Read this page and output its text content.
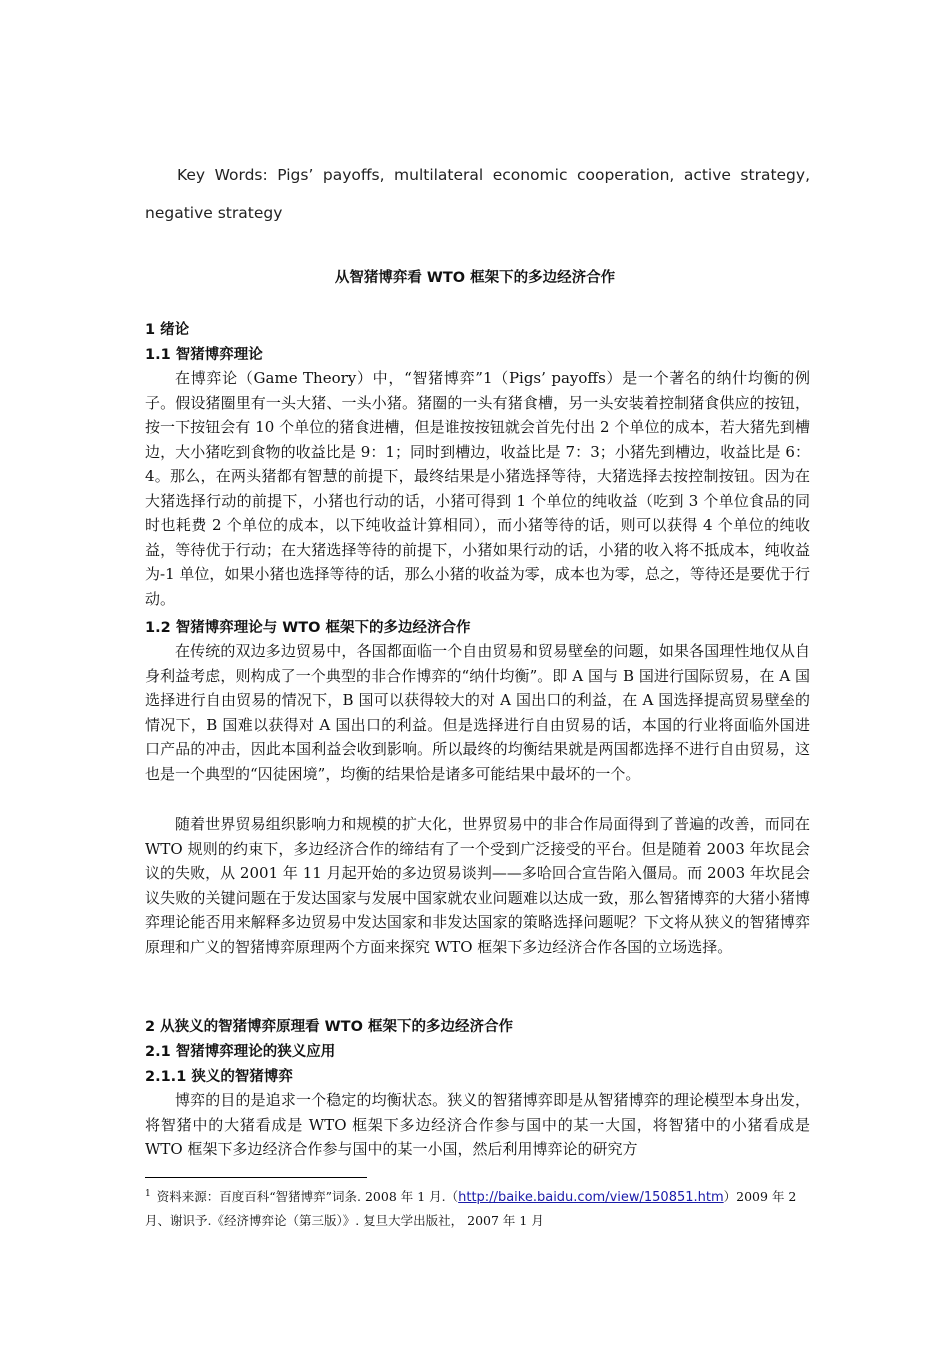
Key Words: Pigs’ payoffs, multilateral economic cooperation, active strategy, negative strategy
从智猪博弈看 WTO 框架下的多边经济合作
1 绪论
1.1 智猪博弈理论
在博弈论（Game Theory）中，“智猪博弈”1（Pigs’ payoffs）是一个著名的纳什均衡的例子。假设猪圈里有一头大猪、一头小猪。猪圈的一头有猪食槽，另一头安装着控制猪食供应的按钮，按一下按钮会有 10 个单位的猪食进槽，但是谁按按钮就会首先付出 2 个单位的成本，若大猪先到槽边，大小猪吃到食物的收益比是 9：1；同时到槽边，收益比是 7：3；小猪先到槽边，收益比是 6：4。那么，在两头猪都有智慧的前提下，最终结果是小猪选择等待，大猪选择去按控制按钮。因为在大猪选择行动的前提下，小猪也行动的话，小猪可得到 1 个单位的纯收益（吃到 3 个单位食品的同时也耗费 2 个单位的成本，以下纯收益计算相同），而小猪等待的话，则可以获得 4 个单位的纯收益，等待优于行动；在大猪选择等待的前提下，小猪如果行动的话，小猪的收入将不抵成本，纯收益为-1 单位，如果小猪也选择等待的话，那么小猪的收益为零，成本也为零，总之，等待还是要优于行动。
1.2 智猪博弈理论与 WTO 框架下的多边经济合作
在传统的双边多边贸易中，各国都面临一个自由贸易和贸易壁垒的问题，如果各国理性地仅从自身利益考虑，则构成了一个典型的非合作博弈的“纳什均衡”。即 A 国与 B 国进行国际贸易，在 A 国选择进行自由贸易的情况下，B 国可以获得较大的对 A 国出口的利益，在 A 国选择提高贸易壁垒的情况下，B 国难以获得对 A 国出口的利益。但是选择进行自由贸易的话，本国的行业将面临外国进口产品的冲击，因此本国利益会收到影响。所以最终的均衡结果就是两国都选择不进行自由贸易，这也是一个典型的“囚徒困境”，均衡的结果恰是诸多可能结果中最坏的一个。
随着世界贸易组织影响力和规模的扩大化，世界贸易中的非合作局面得到了普遍的改善，而同在 WTO 规则的约束下，多边经济合作的缔结有了一个受到广泛接受的平台。但是随着 2003 年坎昆会议的失败，从 2001 年 11 月起开始的多边贸易谈判——多哈回合宣告陷入僵局。而 2003 年坎昆会议失败的关键问题在于发达国家与发展中国家就农业问题难以达成一致，那么智猪博弈的大猪小猪博弈理论能否用来解释多边贸易中发达国家和非发达国家的策略选择问题呢？下文将从狭义的智猪博弈原理和广义的智猪博弈原理两个方面来探究 WTO 框架下多边经济合作各国的立场选择。
2 从狭义的智猪博弈原理看 WTO 框架下的多边经济合作
2.1 智猪博弈理论的狭义应用
2.1.1 狭义的智猪博弈
博弈的目的是追求一个稳定的均衡状态。狭义的智猪博弈即是从智猪博弈的理论模型本身出发，将智猪中的大猪看成是 WTO 框架下多边经济合作参与国中的某一大国，将智猪中的小猪看成是 WTO 框架下多边经济合作参与国中的某一小国，然后利用博弈论的研究方
$^1$ 资料来源：百度百科“智猪博弈”词条. 2008 年 1 月.（http://baike.baidu.com/view/150851.htm）2009 年 2 月、谢识予.《经济博弈论（第三版）》. 复旦大学出版社， 2007 年 1 月
